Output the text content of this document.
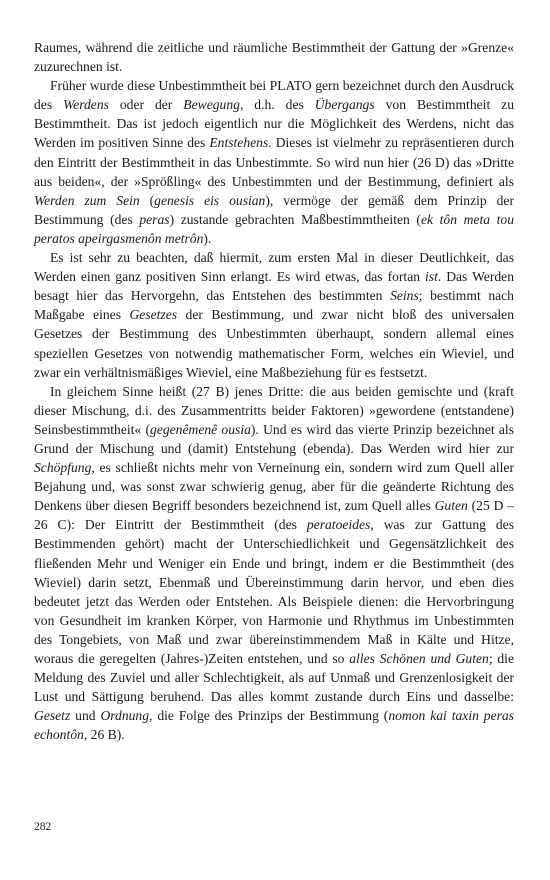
Raumes, während die zeitliche und räumliche Bestimmtheit der Gattung der »Grenze« zuzurechnen ist.

Früher wurde diese Unbestimmtheit bei PLATO gern bezeichnet durch den Ausdruck des Werdens oder der Bewegung, d.h. des Übergangs von Bestimmtheit zu Bestimmtheit. Das ist jedoch eigentlich nur die Möglichkeit des Werdens, nicht das Werden im positiven Sinne des Entstehens. Dieses ist vielmehr zu repräsentieren durch den Eintritt der Bestimmtheit in das Unbestimmte. So wird nun hier (26 D) das »Dritte aus beiden«, der »Sprößling« des Unbestimmten und der Bestimmung, definiert als Werden zum Sein (genesis eis ousian), vermöge der gemäß dem Prinzip der Bestimmung (des peras) zustande gebrachten Maßbestimmtheiten (ek tôn meta tou peratos apeirgasmenôn metrôn).

Es ist sehr zu beachten, daß hiermit, zum ersten Mal in dieser Deutlichkeit, das Werden einen ganz positiven Sinn erlangt. Es wird etwas, das fortan ist. Das Werden besagt hier das Hervorgehn, das Entstehen des bestimmten Seins; bestimmt nach Maßgabe eines Gesetzes der Bestimmung, und zwar nicht bloß des universalen Gesetzes der Bestimmung des Unbestimmten überhaupt, sondern allemal eines speziellen Gesetzes von notwendig mathematischer Form, welches ein Wieviel, und zwar ein verhältnismäßiges Wieviel, eine Maßbeziehung für es festsetzt.

In gleichem Sinne heißt (27 B) jenes Dritte: die aus beiden gemischte und (kraft dieser Mischung, d.i. des Zusammentritts beider Faktoren) »gewordene (entstandene) Seinsbestimmtheit« (gegenêmenê ousia). Und es wird das vierte Prinzip bezeichnet als Grund der Mischung und (damit) Entstehung (ebenda). Das Werden wird hier zur Schöpfung, es schließt nichts mehr von Verneinung ein, sondern wird zum Quell aller Bejahung und, was sonst zwar schwierig genug, aber für die geänderte Richtung des Denkens über diesen Begriff besonders bezeichnend ist, zum Quell alles Guten (25 D – 26 C): Der Eintritt der Bestimmtheit (des peratoeides, was zur Gattung des Bestimmenden gehört) macht der Unterschiedlichkeit und Gegensätzlichkeit des fließenden Mehr und Weniger ein Ende und bringt, indem er die Bestimmtheit (des Wieviel) darin setzt, Ebenmaß und Übereinstimmung darin hervor, und eben dies bedeutet jetzt das Werden oder Entstehen. Als Beispiele dienen: die Hervorbringung von Gesundheit im kranken Körper, von Harmonie und Rhythmus im Unbestimmten des Tongebiets, von Maß und zwar übereinstimmendem Maß in Kälte und Hitze, woraus die geregelten (Jahres-)Zeiten entstehen, und so alles Schönen und Guten; die Meldung des Zuviel und aller Schlechtigkeit, als auf Unmaß und Grenzenlosigkeit der Lust und Sättigung beruhend. Das alles kommt zustande durch Eins und dasselbe: Gesetz und Ordnung, die Folge des Prinzips der Bestimmung (nomon kai taxin peras echontôn, 26 B).

282
